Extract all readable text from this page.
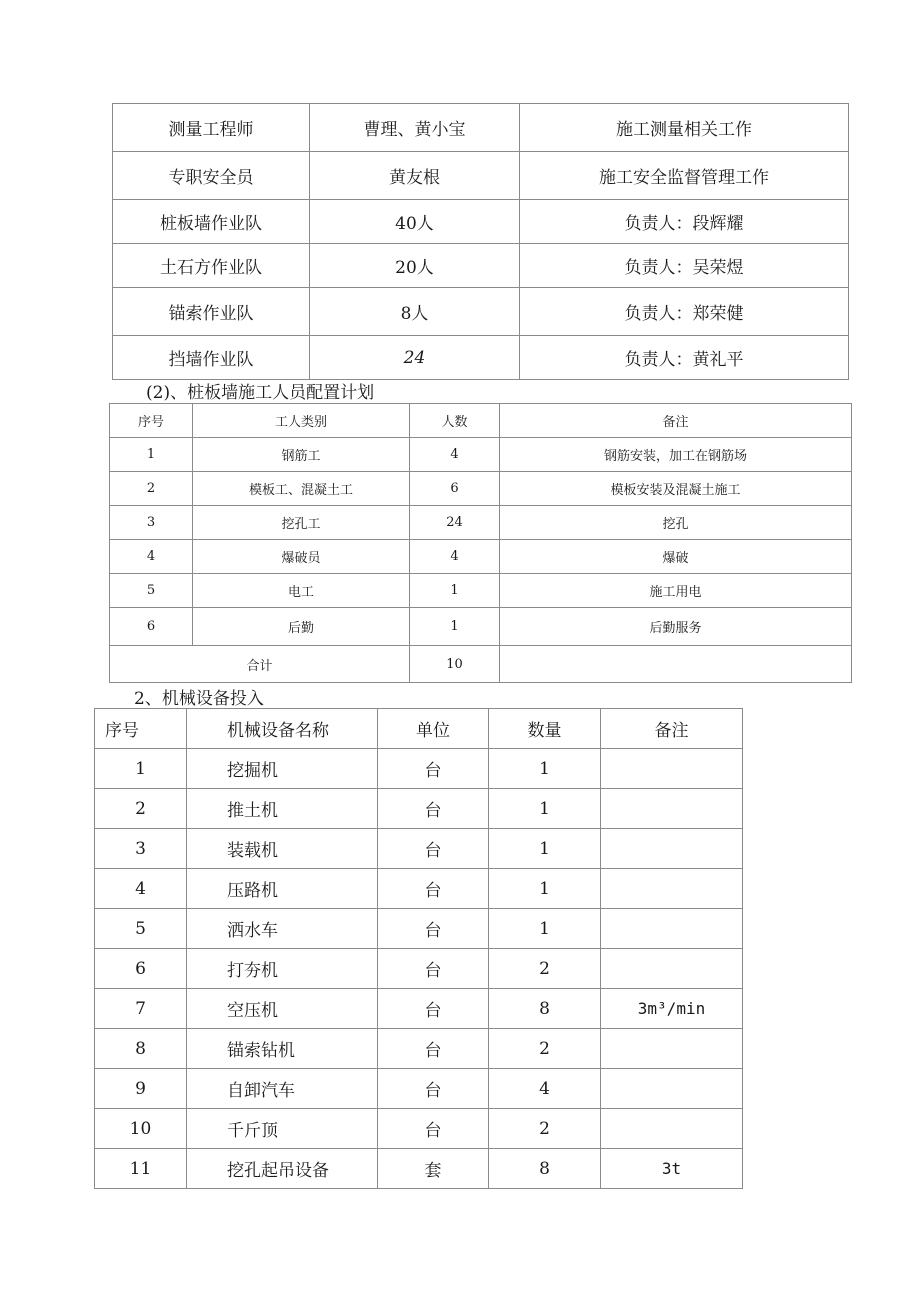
测量工程师	曹理、黄小宝	施工测量相关工作
专职安全员	黄友根	施工安全监督管理工作
桩板墙作业队	40人	负责人：段辉耀
土石方作业队	20人	负责人：吴荣煜
锚索作业队	8人	负责人：郑荣健
挡墙作业队	24	负责人：黄礼平
(2)、桩板墙施工人员配置计划
序号	工人类别	人数	备注
1	钢筋工	4	钢筋安装，加工在钢筋场
2	模板工、混凝土工	6	模板安装及混凝土施工
3	挖孔工	24	挖孔
4	爆破员	4	爆破
5	电工	1	施工用电
6	后勤	1	后勤服务
合计		10	
2、机械设备投入
序号	机械设备名称	单位	数量	备注
1	挖掘机	台	1	
2	推土机	台	1	
3	装载机	台	1	
4	压路机	台	1	
5	洒水车	台	1	
6	打夯机	台	2	
7	空压机	台	8	3m³/min
8	锚索钻机	台	2	
9	自卸汽车	台	4	
10	千斤顶	台	2	
11	挖孔起吊设备	套	8	3t
